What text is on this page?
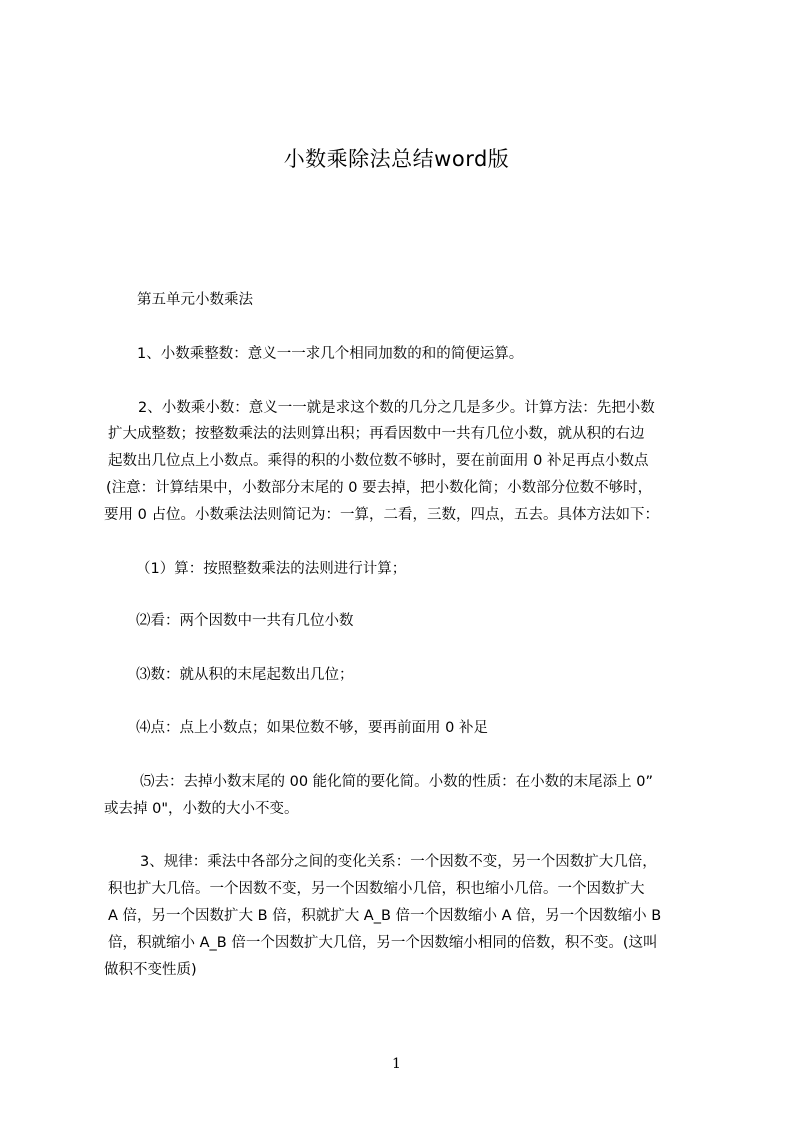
小数乘除法总结word版
第五单元小数乘法
1、小数乘整数：意义一一求几个相同加数的和的简便运算。
2、小数乘小数：意义一一就是求这个数的几分之几是多少。计算方法：先把小数
扩大成整数；按整数乘法的法则算出积；再看因数中一共有几位小数，就从积的右边
起数出几位点上小数点。乘得的积的小数位数不够时，要在前面用 0 补足再点小数点
(注意：计算结果中，小数部分末尾的 0 要去掉，把小数化简；小数部分位数不够时，
要用 0 占位。小数乘法法则简记为：一算，二看，三数，四点，五去。具体方法如下：
（1）算：按照整数乘法的法则进行计算；
⑵看：两个因数中一共有几位小数
⑶数：就从积的末尾起数出几位；
⑷点：点上小数点；如果位数不够，要再前面用 0 补足
⑸去：去掉小数末尾的 00 能化简的要化简。小数的性质：在小数的末尾添上 0”
或去掉 0"，小数的大小不变。
3、规律：乘法中各部分之间的变化关系：一个因数不变，另一个因数扩大几倍，
积也扩大几倍。一个因数不变，另一个因数缩小几倍，积也缩小几倍。一个因数扩大
A 倍，另一个因数扩大 B 倍，积就扩大 A_B 倍一个因数缩小 A 倍，另一个因数缩小 B
倍，积就缩小 A_B 倍一个因数扩大几倍，另一个因数缩小相同的倍数，积不变。(这叫
做积不变性质)
1
